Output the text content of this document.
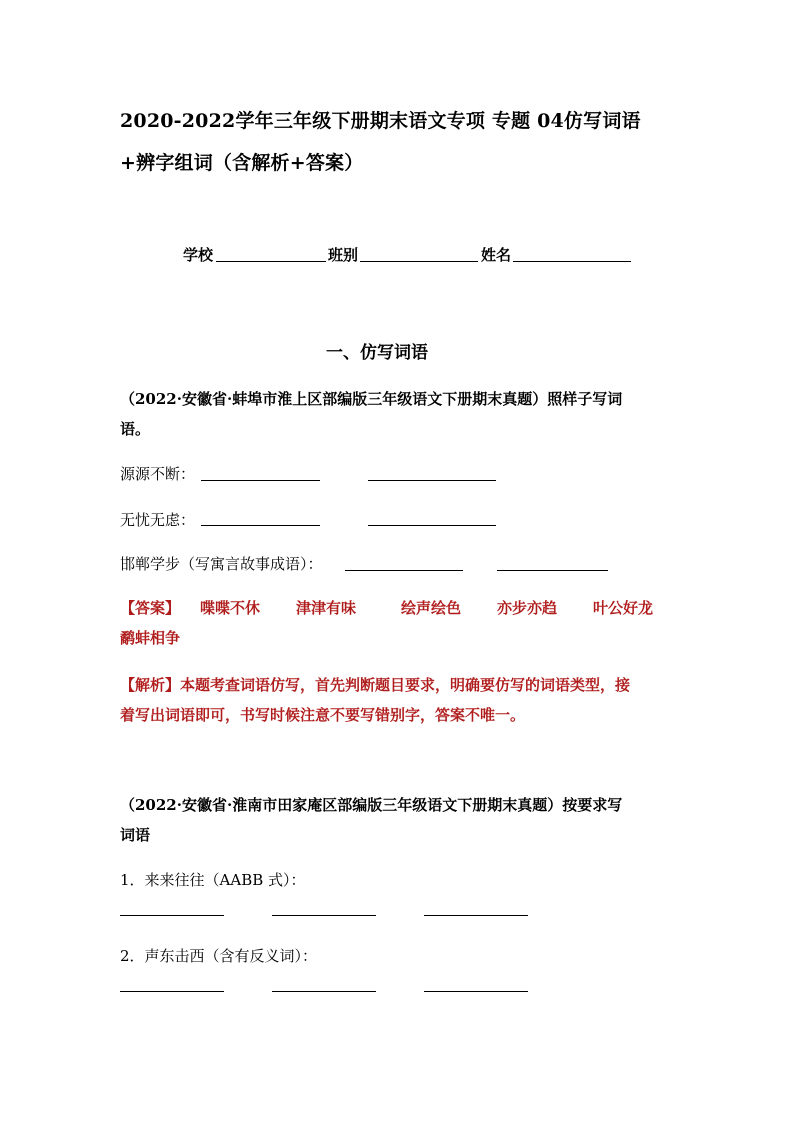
2020-2022学年三年级下册期末语文专项 专题 04仿写词语
+辨字组词（含解析+答案）
学校	班别	姓名
一、仿写词语
（2022·安徽省·蚌埠市淮上区部编版三年级语文下册期末真题）照样子写词
语。
源源不断：
无忧无虑：
邯郸学步（写寓言故事成语）：
【答案】 喋喋不休 津津有味	绘声绘色 亦步亦趋 叶公好龙
鹬蚌相争
【解析】 本题考查词语仿写，首先判断题目要求，明确要仿写的词语类型，接
着写出词语即可，书写时候注意不要写错别字，答案不唯一。
（2022·安徽省·淮南市田家庵区部编版三年级语文下册期末真题）按要求写
词语
1．来来往往（AABB 式）：
2．声东击西（含有反义词）：
